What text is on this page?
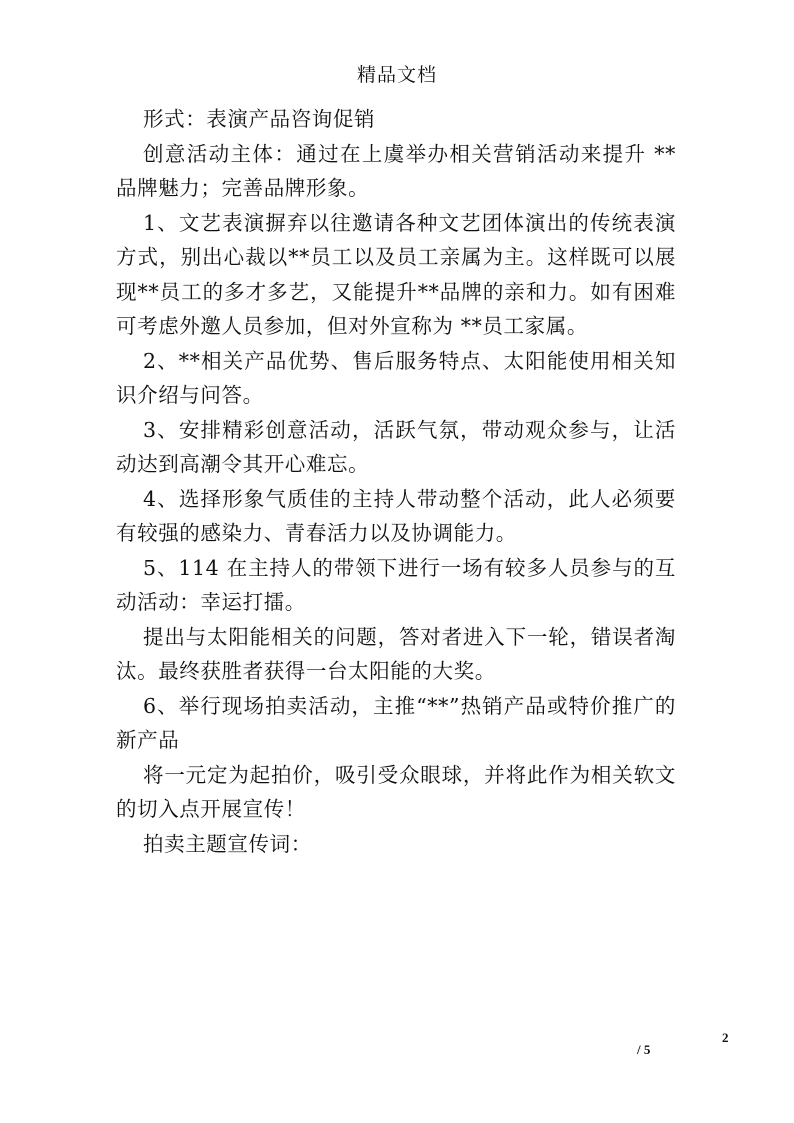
精品文档

形式：表演产品咨询促销

创意活动主体：通过在上虞举办相关营销活动来提升 **品牌魅力；完善品牌形象。

1、文艺表演摒弃以往邀请各种文艺团体演出的传统表演方式，别出心裁以**员工以及员工亲属为主。这样既可以展现**员工的多才多艺，又能提升**品牌的亲和力。如有困难可考虑外邀人员参加，但对外宣称为 **员工家属。

2、**相关产品优势、售后服务特点、太阳能使用相关知识介绍与问答。

3、安排精彩创意活动，活跃气氛，带动观众参与，让活动达到高潮令其开心难忘。

4、选择形象气质佳的主持人带动整个活动，此人必须要有较强的感染力、青春活力以及协调能力。

5、114 在主持人的带领下进行一场有较多人员参与的互动活动：幸运打擂。

提出与太阳能相关的问题，答对者进入下一轮，错误者淘汰。最终获胜者获得一台太阳能的大奖。

6、举行现场拍卖活动，主推“**”热销产品或特价推广的新产品

将一元定为起拍价，吸引受众眼球，并将此作为相关软文的切入点开展宣传！

拍卖主题宣传词：

2
/ 5
